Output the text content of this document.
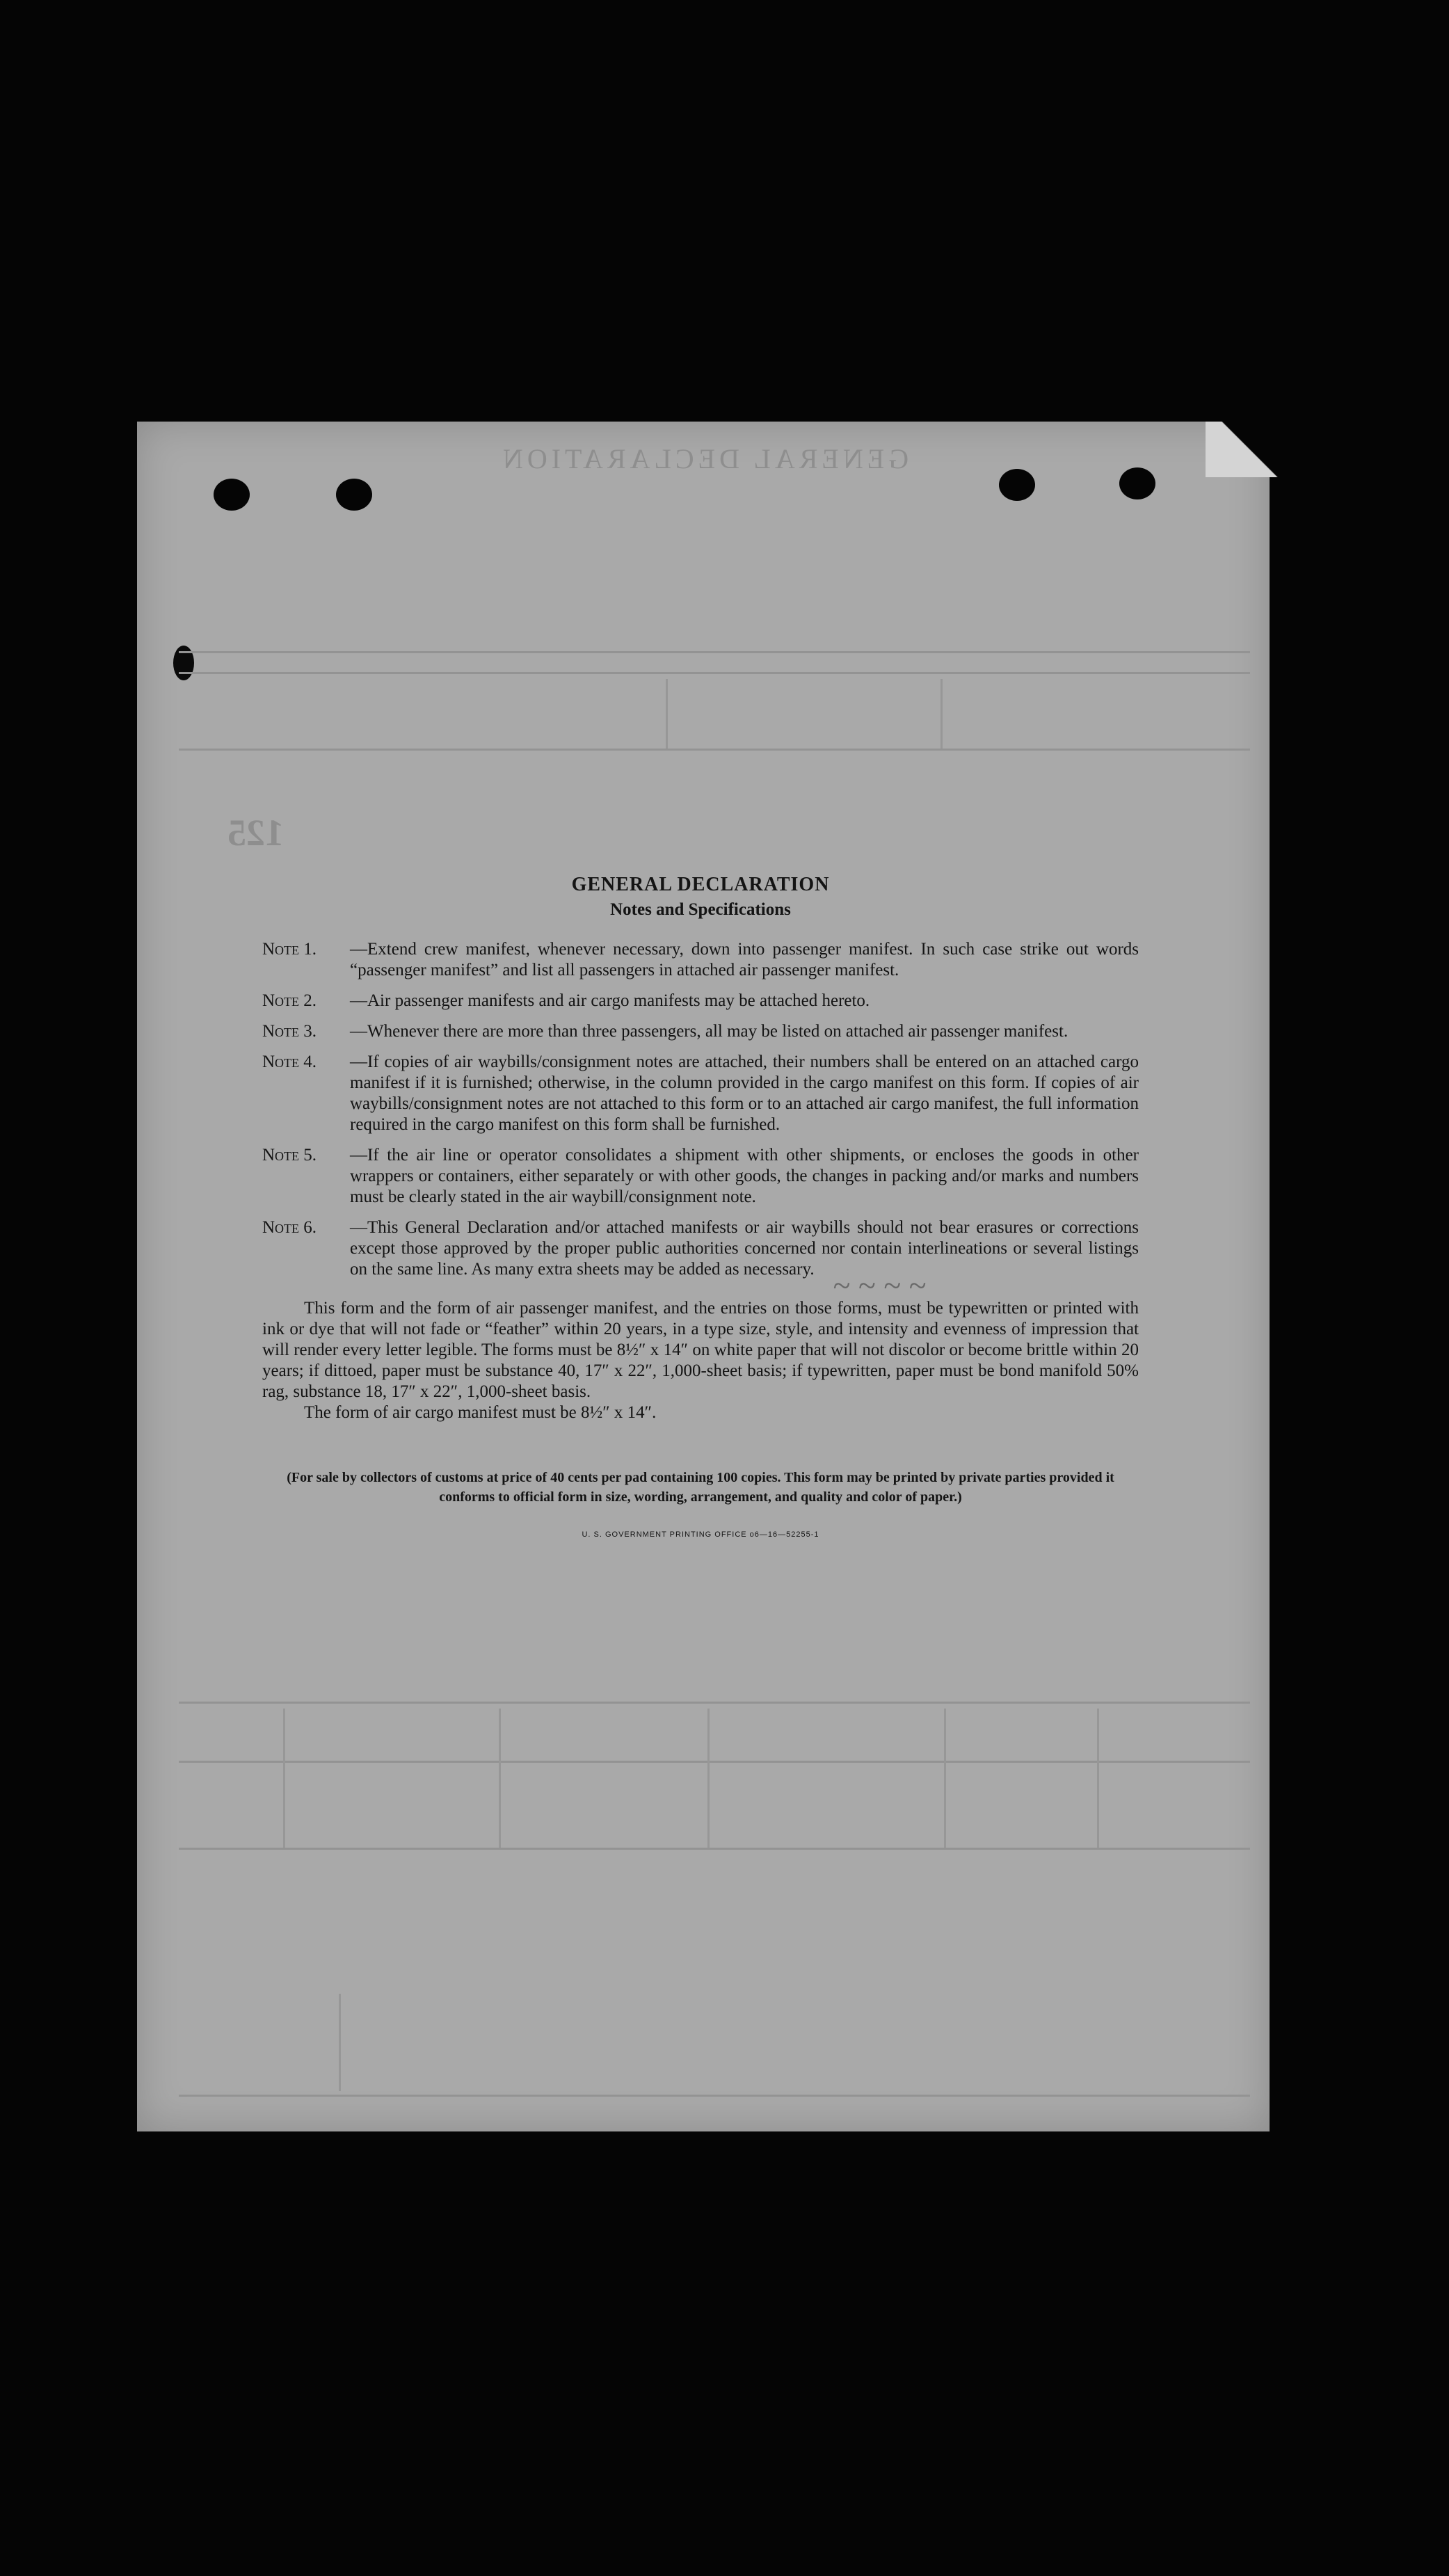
GENERAL DECLARATION
125
~ ~ ~ ~
GENERAL DECLARATION
Notes and Specifications
Note 1.	—Extend crew manifest, whenever necessary, down into passenger manifest. In such case strike out words “passenger manifest” and list all passengers in attached air passenger manifest.
Note 2.	—Air passenger manifests and air cargo manifests may be attached hereto.
Note 3.	—Whenever there are more than three passengers, all may be listed on attached air passenger manifest.
Note 4.	—If copies of air waybills/consignment notes are attached, their numbers shall be entered on an attached cargo manifest if it is furnished; otherwise, in the column provided in the cargo manifest on this form. If copies of air waybills/consignment notes are not attached to this form or to an attached air cargo manifest, the full information required in the cargo manifest on this form shall be furnished.
Note 5.	—If the air line or operator consolidates a shipment with other shipments, or encloses the goods in other wrappers or containers, either separately or with other goods, the changes in packing and/or marks and numbers must be clearly stated in the air waybill/consignment note.
Note 6.	—This General Declaration and/or attached manifests or air waybills should not bear erasures or corrections except those approved by the proper public authorities concerned nor contain interlineations or several listings on the same line. As many extra sheets may be added as necessary.
This form and the form of air passenger manifest, and the entries on those forms, must be typewritten or printed with ink or dye that will not fade or “feather” within 20 years, in a type size, style, and intensity and evenness of impression that will render every letter legible. The forms must be 8½″ x 14″ on white paper that will not discolor or become brittle within 20 years; if dittoed, paper must be substance 40, 17″ x 22″, 1,000-sheet basis; if typewritten, paper must be bond manifold 50% rag, substance 18, 17″ x 22″, 1,000-sheet basis.
The form of air cargo manifest must be 8½″ x 14″.
(For sale by collectors of customs at price of 40 cents per pad containing 100 copies. This form may be printed by private parties provided it conforms to official form in size, wording, arrangement, and quality and color of paper.)
U. S. GOVERNMENT PRINTING OFFICE o6—16—52255-1
